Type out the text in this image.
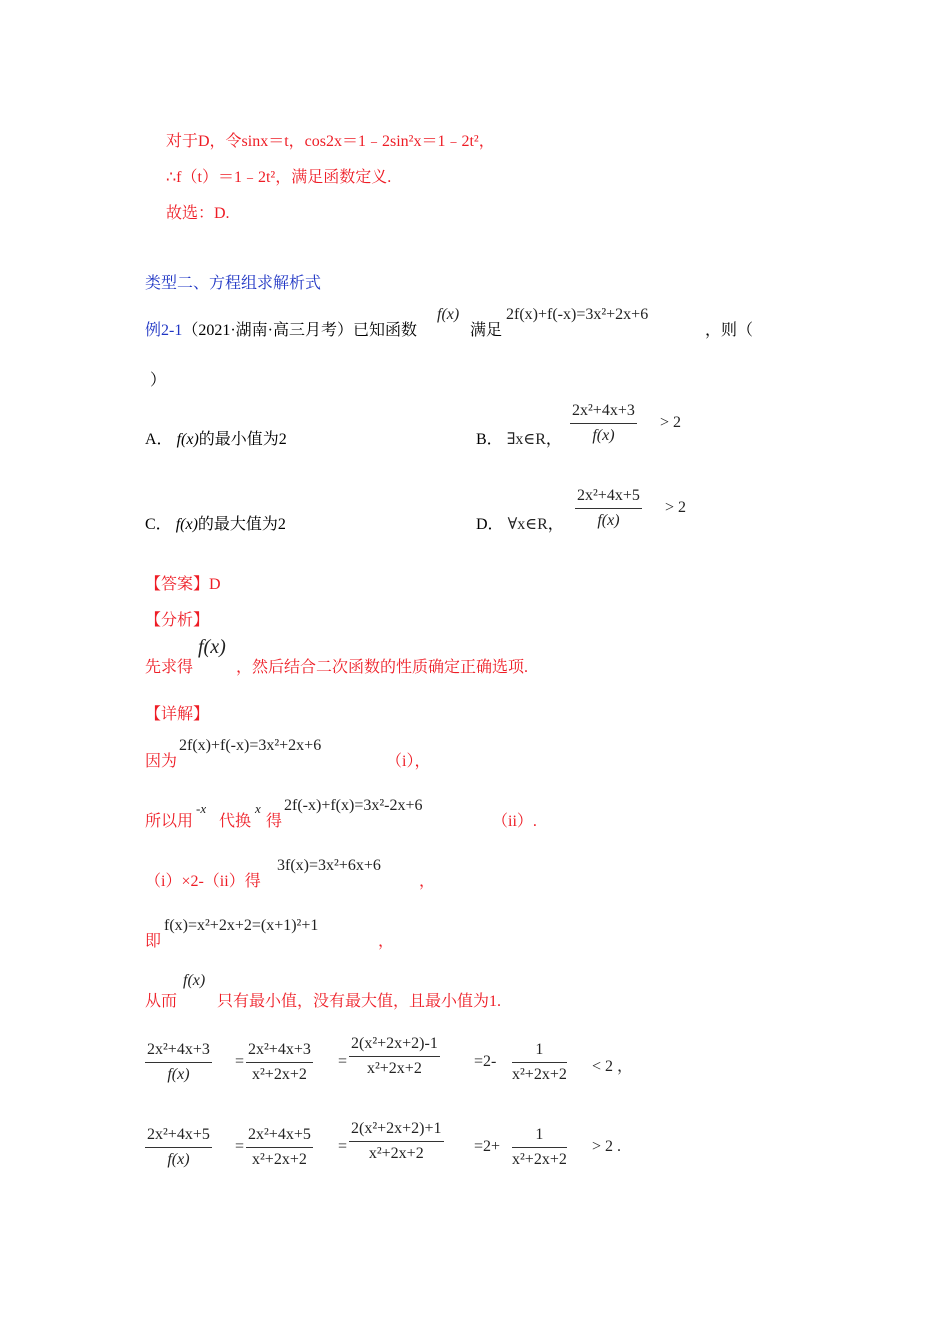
对于D，令sinx＝t，cos2x＝1﹣2sin²x＝1﹣2t²，
∴f（t）＝1﹣2t²，满足函数定义.
故选：D.
类型二、方程组求解析式
例2-1（2021·湖南·高三月考）已知函数
f(x)
满足
2f(x)+f(-x)=3x²+2x+6
，则（
）
A． f(x)的最小值为2	B． ∃x∈R， $\frac{\text{2x²+4x+3}}{f(x)} > 2$
C． f(x)的最大值为2	D． ∀x∈R， $\frac{\text{2x²+4x+5}}{f(x)} > 2$
【答案】D
【分析】
先求得
f(x)
，然后结合二次函数的性质确定正确选项.
【详解】
因为
2f(x)+f(-x)=3x²+2x+6
（i），
所以用
-x
代换
x
得
2f(-x)+f(x)=3x²-2x+6
（ii）.
（i）×2-（ii）得
3f(x)=3x²+6x+6
，
即
f(x)=x²+2x+2=(x+1)²+1
，
从而
f(x)
只有最小值，没有最大值，且最小值为1.
$\frac{\text{2x²+4x+3}}{f(x)} = \frac{\text{2x²+4x+3}}{\text{x²+2x+2}} = \frac{\text{2(x²+2x+2)-1}}{\text{x²+2x+2}} =2- \frac{1}{\text{x²+2x+2}} < 2$ ，
$\frac{\text{2x²+4x+5}}{f(x)} = \frac{\text{2x²+4x+5}}{\text{x²+2x+2}} = \frac{\text{2(x²+2x+2)+1}}{\text{x²+2x+2}} =2+ \frac{1}{\text{x²+2x+2}} > 2$ .
